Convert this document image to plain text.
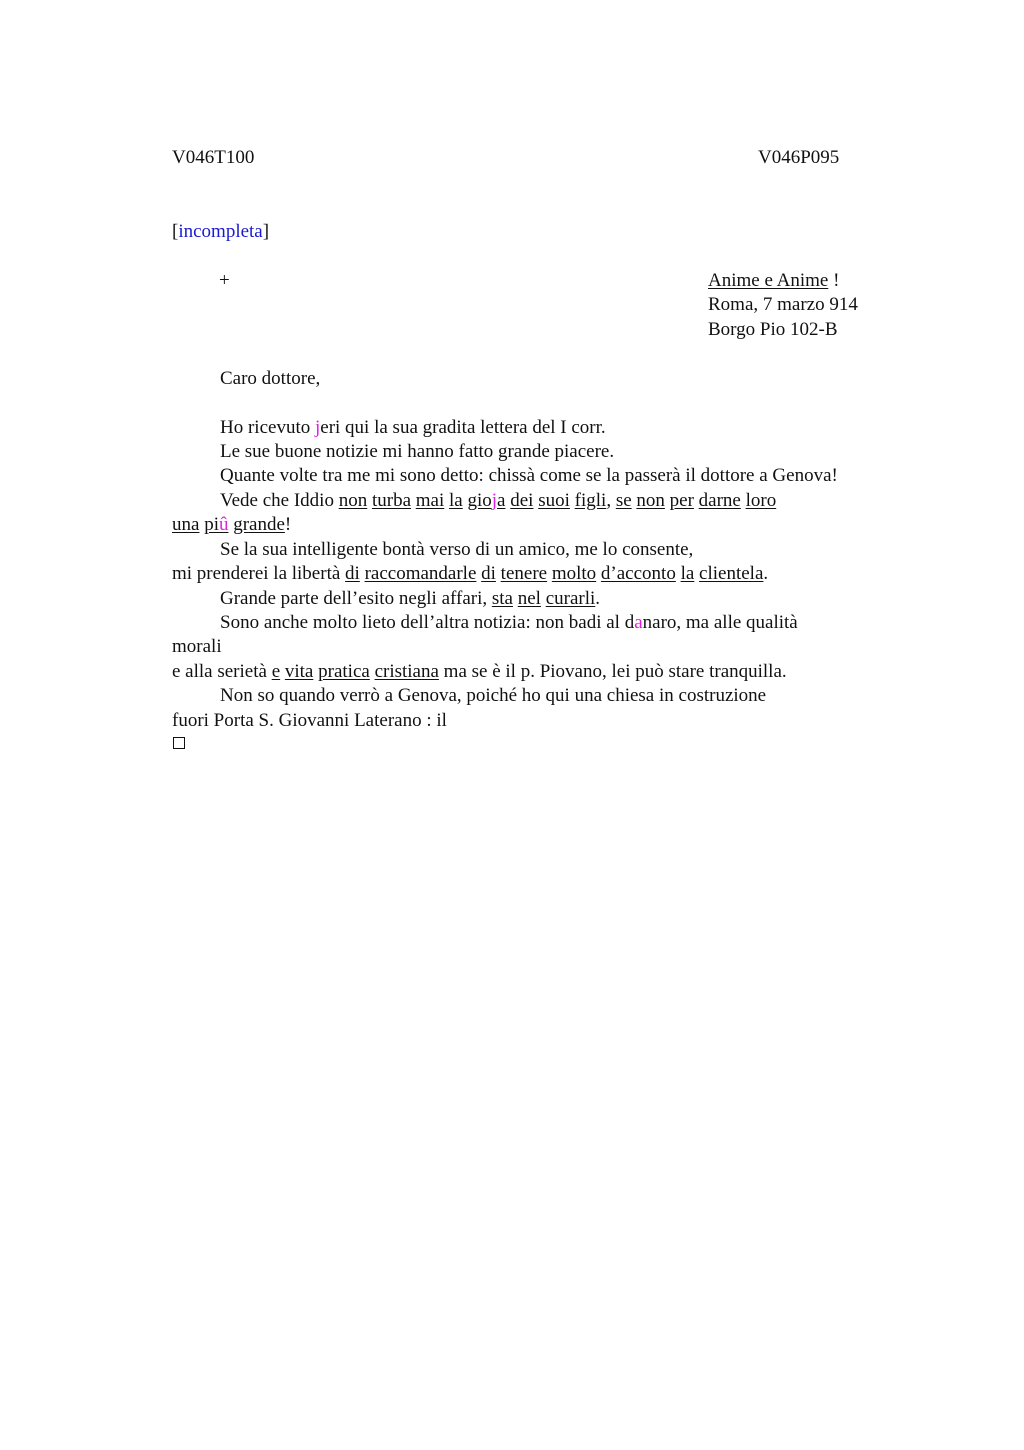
V046T100	V046P095
[incompleta]
+	Anime e Anime !
Roma, 7 marzo 914
Borgo Pio 102-B
Caro dottore,
Ho ricevuto jeri qui la sua gradita lettera del I corr.
Le sue buone notizie mi hanno fatto grande piacere.
Quante volte tra me mi sono detto: chissà come se la passerà il dottore a Genova!
Vede che Iddio non turba mai la gioja dei suoi figli, se non per darne loro
una piû grande!
Se la sua intelligente bontà verso di un amico, me lo consente,
mi prenderei la libertà di raccomandarle di tenere molto d’acconto la clientela.
Grande parte dell’esito negli affari, sta nel curarli.
Sono anche molto lieto dell’altra notizia: non badi al danaro, ma alle qualità
morali
e alla serietà e vita pratica cristiana ma se è il p. Piovano, lei può stare tranquilla.
Non so quando verrò a Genova, poiché ho qui una chiesa in costruzione
fuori Porta S. Giovanni Laterano : il
